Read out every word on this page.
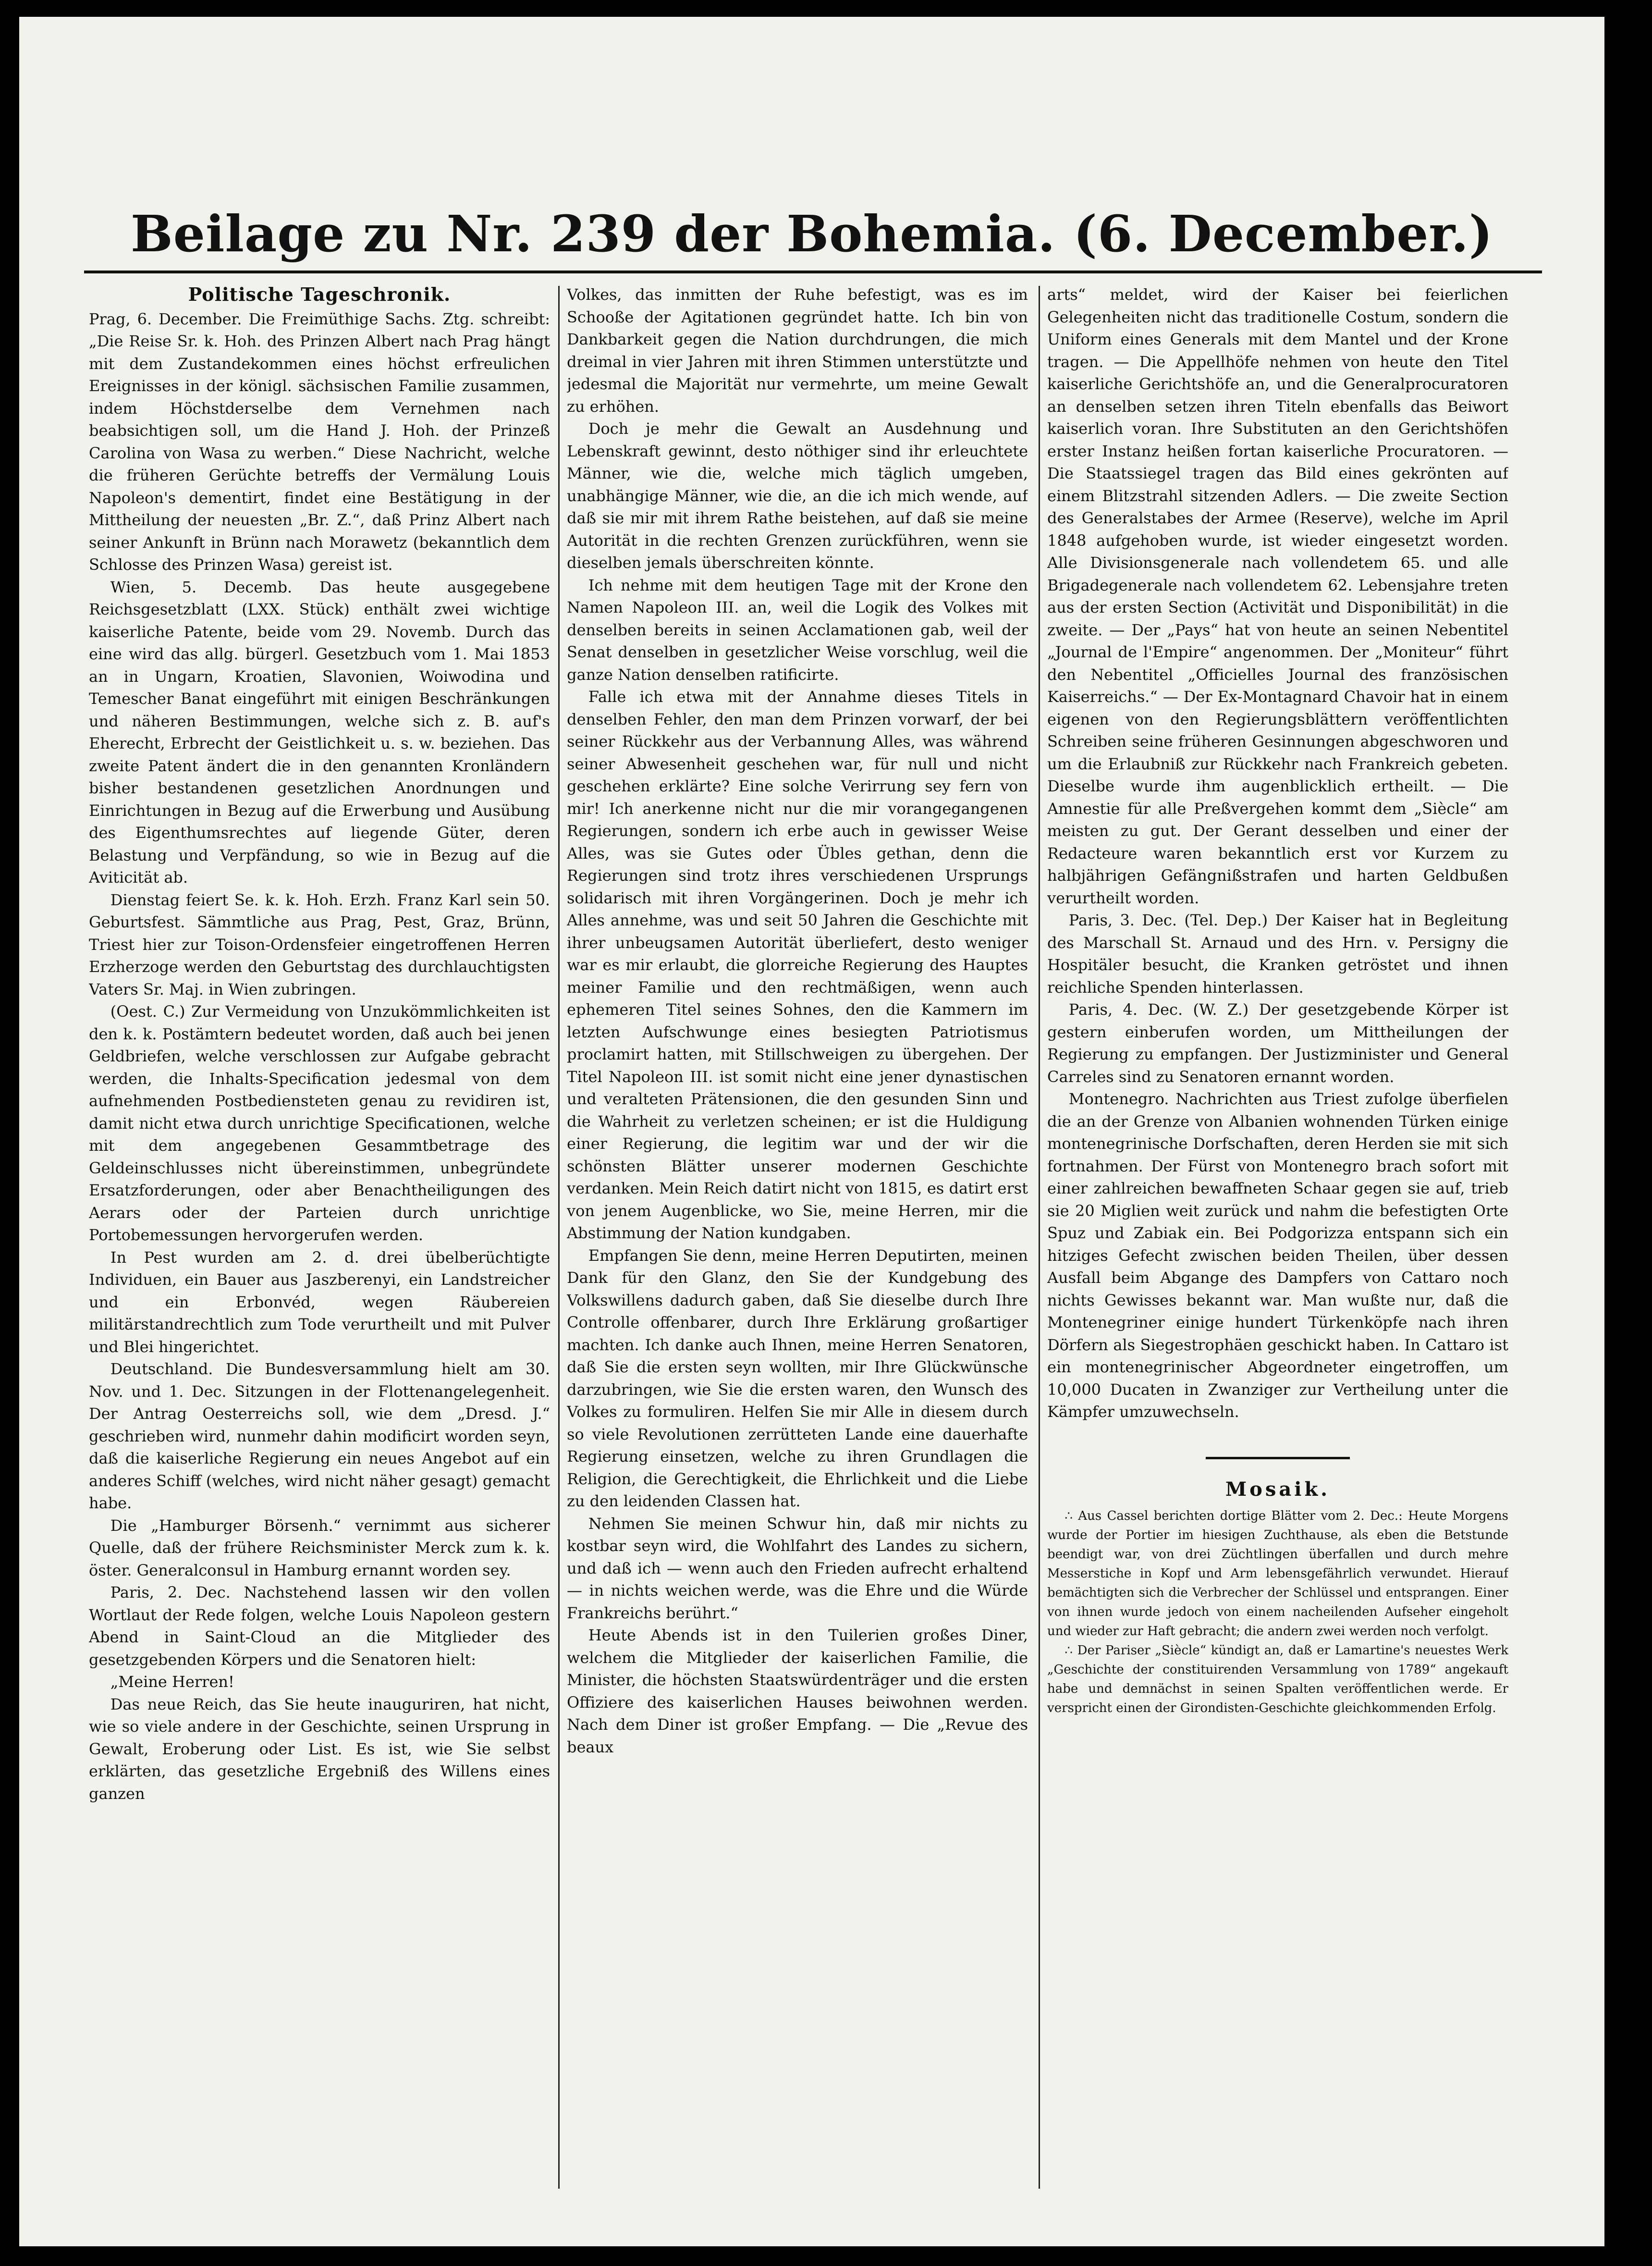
Beilage zu Nr. 239 der Bohemia. (6. December.)
Politische Tageschronik.

Prag, 6. December. Die Freimüthige Sachs. Ztg. schreibt: „Die Reise Sr. k. Hoh. des Prinzen Albert nach Prag hängt mit dem Zustandekommen eines höchst erfreulichen Ereignisses in der königl. sächsischen Familie zusammen, indem Höchstderselbe dem Vernehmen nach beabsichtigen soll, um die Hand J. Hoh. der Prinzeß Carolina von Wasa zu werben.“ Diese Nachricht, welche die früheren Gerüchte betreffs der Vermälung Louis Napoleon's dementirt, findet eine Bestätigung in der Mittheilung der neuesten „Br. Z.“, daß Prinz Albert nach seiner Ankunft in Brünn nach Morawetz (bekanntlich dem Schlosse des Prinzen Wasa) gereist ist.

Wien, 5. Decemb. Das heute ausgegebene Reichsgesetzblatt (LXX. Stück) enthält zwei wichtige kaiserliche Patente, beide vom 29. Novemb. Durch das eine wird das allg. bürgerl. Gesetzbuch vom 1. Mai 1853 an in Ungarn, Kroatien, Slavonien, Woiwodina und Temescher Banat eingeführt mit einigen Beschränkungen und näheren Bestimmungen, welche sich z. B. auf's Eherecht, Erbrecht der Geistlichkeit u. s. w. beziehen. Das zweite Patent ändert die in den genannten Kronländern bisher bestandenen gesetzlichen Anordnungen und Einrichtungen in Bezug auf die Erwerbung und Ausübung des Eigenthumsrechtes auf liegende Güter, deren Belastung und Verpfändung, so wie in Bezug auf die Aviticität ab.

Dienstag feiert Se. k. k. Hoh. Erzh. Franz Karl sein 50. Geburtsfest. Sämmtliche aus Prag, Pest, Graz, Brünn, Triest hier zur Toison-Ordensfeier eingetroffenen Herren Erzherzoge werden den Geburtstag des durchlauchtigsten Vaters Sr. Maj. in Wien zubringen.

(Oest. C.) Zur Vermeidung von Unzukömmlichkeiten ist den k. k. Postämtern bedeutet worden, daß auch bei jenen Geldbriefen, welche verschlossen zur Aufgabe gebracht werden, die Inhalts-Specification jedesmal von dem aufnehmenden Postbediensteten genau zu revidiren ist, damit nicht etwa durch unrichtige Specificationen, welche mit dem angegebenen Gesammtbetrage des Geldeinschlusses nicht übereinstimmen, unbegründete Ersatzforderungen, oder aber Benachtheiligungen des Aerars oder der Parteien durch unrichtige Portobemessungen hervorgerufen werden.

In Pest wurden am 2. d. drei übelberüchtigte Individuen, ein Bauer aus Jaszberenyi, ein Landstreicher und ein Erbonvéd, wegen Räubereien militärstandrechtlich zum Tode verurtheilt und mit Pulver und Blei hingerichtet.

Deutschland. Die Bundesversammlung hielt am 30. Nov. und 1. Dec. Sitzungen in der Flottenangelegenheit. Der Antrag Oesterreichs soll, wie dem „Dresd. J.“ geschrieben wird, nunmehr dahin modificirt worden seyn, daß die kaiserliche Regierung ein neues Angebot auf ein anderes Schiff (welches, wird nicht näher gesagt) gemacht habe.

Die „Hamburger Börsenh.“ vernimmt aus sicherer Quelle, daß der frühere Reichsminister Merck zum k. k. öster. Generalconsul in Hamburg ernannt worden sey.

Paris, 2. Dec. Nachstehend lassen wir den vollen Wortlaut der Rede folgen, welche Louis Napoleon gestern Abend in Saint-Cloud an die Mitglieder des gesetzgebenden Körpers und die Senatoren hielt:

„Meine Herren!

Das neue Reich, das Sie heute inauguriren, hat nicht, wie so viele andere in der Geschichte, seinen Ursprung in Gewalt, Eroberung oder List. Es ist, wie Sie selbst erklärten, das gesetzliche Ergebniß des Willens eines ganzen

Volkes, das inmitten der Ruhe befestigt, was es im Schooße der Agitationen gegründet hatte. Ich bin von Dankbarkeit gegen die Nation durchdrungen, die mich dreimal in vier Jahren mit ihren Stimmen unterstützte und jedesmal die Majorität nur vermehrte, um meine Gewalt zu erhöhen.

Doch je mehr die Gewalt an Ausdehnung und Lebenskraft gewinnt, desto nöthiger sind ihr erleuchtete Männer, wie die, welche mich täglich umgeben, unabhängige Männer, wie die, an die ich mich wende, auf daß sie mir mit ihrem Rathe beistehen, auf daß sie meine Autorität in die rechten Grenzen zurückführen, wenn sie dieselben jemals überschreiten könnte.

Ich nehme mit dem heutigen Tage mit der Krone den Namen Napoleon III. an, weil die Logik des Volkes mit denselben bereits in seinen Acclamationen gab, weil der Senat denselben in gesetzlicher Weise vorschlug, weil die ganze Nation denselben ratificirte.

Falle ich etwa mit der Annahme dieses Titels in denselben Fehler, den man dem Prinzen vorwarf, der bei seiner Rückkehr aus der Verbannung Alles, was während seiner Abwesenheit geschehen war, für null und nicht geschehen erklärte? Eine solche Verirrung sey fern von mir! Ich anerkenne nicht nur die mir vorangegangenen Regierungen, sondern ich erbe auch in gewisser Weise Alles, was sie Gutes oder Übles gethan, denn die Regierungen sind trotz ihres verschiedenen Ursprungs solidarisch mit ihren Vorgängerinen. Doch je mehr ich Alles annehme, was und seit 50 Jahren die Geschichte mit ihrer unbeugsamen Autorität überliefert, desto weniger war es mir erlaubt, die glorreiche Regierung des Hauptes meiner Familie und den rechtmäßigen, wenn auch ephemeren Titel seines Sohnes, den die Kammern im letzten Aufschwunge eines besiegten Patriotismus proclamirt hatten, mit Stillschweigen zu übergehen. Der Titel Napoleon III. ist somit nicht eine jener dynastischen und veralteten Prätensionen, die den gesunden Sinn und die Wahrheit zu verletzen scheinen; er ist die Huldigung einer Regierung, die legitim war und der wir die schönsten Blätter unserer modernen Geschichte verdanken. Mein Reich datirt nicht von 1815, es datirt erst von jenem Augenblicke, wo Sie, meine Herren, mir die Abstimmung der Nation kundgaben.

Empfangen Sie denn, meine Herren Deputirten, meinen Dank für den Glanz, den Sie der Kundgebung des Volkswillens dadurch gaben, daß Sie dieselbe durch Ihre Controlle offenbarer, durch Ihre Erklärung großartiger machten. Ich danke auch Ihnen, meine Herren Senatoren, daß Sie die ersten seyn wollten, mir Ihre Glückwünsche darzubringen, wie Sie die ersten waren, den Wunsch des Volkes zu formuliren. Helfen Sie mir Alle in diesem durch so viele Revolutionen zerrütteten Lande eine dauerhafte Regierung einsetzen, welche zu ihren Grundlagen die Religion, die Gerechtigkeit, die Ehrlichkeit und die Liebe zu den leidenden Classen hat.

Nehmen Sie meinen Schwur hin, daß mir nichts zu kostbar seyn wird, die Wohlfahrt des Landes zu sichern, und daß ich — wenn auch den Frieden aufrecht erhaltend — in nichts weichen werde, was die Ehre und die Würde Frankreichs berührt.“

Heute Abends ist in den Tuilerien großes Diner, welchem die Mitglieder der kaiserlichen Familie, die Minister, die höchsten Staatswürdenträger und die ersten Offiziere des kaiserlichen Hauses beiwohnen werden. Nach dem Diner ist großer Empfang. — Die „Revue des beaux

arts“ meldet, wird der Kaiser bei feierlichen Gelegenheiten nicht das traditionelle Costum, sondern die Uniform eines Generals mit dem Mantel und der Krone tragen. — Die Appellhöfe nehmen von heute den Titel kaiserliche Gerichtshöfe an, und die Generalprocuratoren an denselben setzen ihren Titeln ebenfalls das Beiwort kaiserlich voran. Ihre Substituten an den Gerichtshöfen erster Instanz heißen fortan kaiserliche Procuratoren. — Die Staatssiegel tragen das Bild eines gekrönten auf einem Blitzstrahl sitzenden Adlers. — Die zweite Section des Generalstabes der Armee (Reserve), welche im April 1848 aufgehoben wurde, ist wieder eingesetzt worden. Alle Divisionsgenerale nach vollendetem 65. und alle Brigadegenerale nach vollendetem 62. Lebensjahre treten aus der ersten Section (Activität und Disponibilität) in die zweite. — Der „Pays“ hat von heute an seinen Nebentitel „Journal de l'Empire“ angenommen. Der „Moniteur“ führt den Nebentitel „Officielles Journal des französischen Kaiserreichs.“ — Der Ex-Montagnard Chavoir hat in einem eigenen von den Regierungsblättern veröffentlichten Schreiben seine früheren Gesinnungen abgeschworen und um die Erlaubniß zur Rückkehr nach Frankreich gebeten. Dieselbe wurde ihm augenblicklich ertheilt. — Die Amnestie für alle Preßvergehen kommt dem „Siècle“ am meisten zu gut. Der Gerant desselben und einer der Redacteure waren bekanntlich erst vor Kurzem zu halbjährigen Gefängnißstrafen und harten Geldbußen verurtheilt worden.

Paris, 3. Dec. (Tel. Dep.) Der Kaiser hat in Begleitung des Marschall St. Arnaud und des Hrn. v. Persigny die Hospitäler besucht, die Kranken getröstet und ihnen reichliche Spenden hinterlassen.

Paris, 4. Dec. (W. Z.) Der gesetzgebende Körper ist gestern einberufen worden, um Mittheilungen der Regierung zu empfangen. Der Justizminister und General Carreles sind zu Senatoren ernannt worden.

Montenegro. Nachrichten aus Triest zufolge überfielen die an der Grenze von Albanien wohnenden Türken einige montenegrinische Dorfschaften, deren Herden sie mit sich fortnahmen. Der Fürst von Montenegro brach sofort mit einer zahlreichen bewaffneten Schaar gegen sie auf, trieb sie 20 Miglien weit zurück und nahm die befestigten Orte Spuz und Zabiak ein. Bei Podgorizza entspann sich ein hitziges Gefecht zwischen beiden Theilen, über dessen Ausfall beim Abgange des Dampfers von Cattaro noch nichts Gewisses bekannt war. Man wußte nur, daß die Montenegriner einige hundert Türkenköpfe nach ihren Dörfern als Siegestrophäen geschickt haben. In Cattaro ist ein montenegrinischer Abgeordneter eingetroffen, um 10,000 Ducaten in Zwanziger zur Vertheilung unter die Kämpfer umzuwechseln.

Mosaik.

∴ Aus Cassel berichten dortige Blätter vom 2. Dec.: Heute Morgens wurde der Portier im hiesigen Zuchthause, als eben die Betstunde beendigt war, von drei Züchtlingen überfallen und durch mehre Messerstiche in Kopf und Arm lebensgefährlich verwundet. Hierauf bemächtigten sich die Verbrecher der Schlüssel und entsprangen. Einer von ihnen wurde jedoch von einem nacheilenden Aufseher eingeholt und wieder zur Haft gebracht; die andern zwei werden noch verfolgt.

∴ Der Pariser „Siècle“ kündigt an, daß er Lamartine's neuestes Werk „Geschichte der constituirenden Versammlung von 1789“ angekauft habe und demnächst in seinen Spalten veröffentlichen werde. Er verspricht einen der Girondisten-Geschichte gleichkommenden Erfolg.
